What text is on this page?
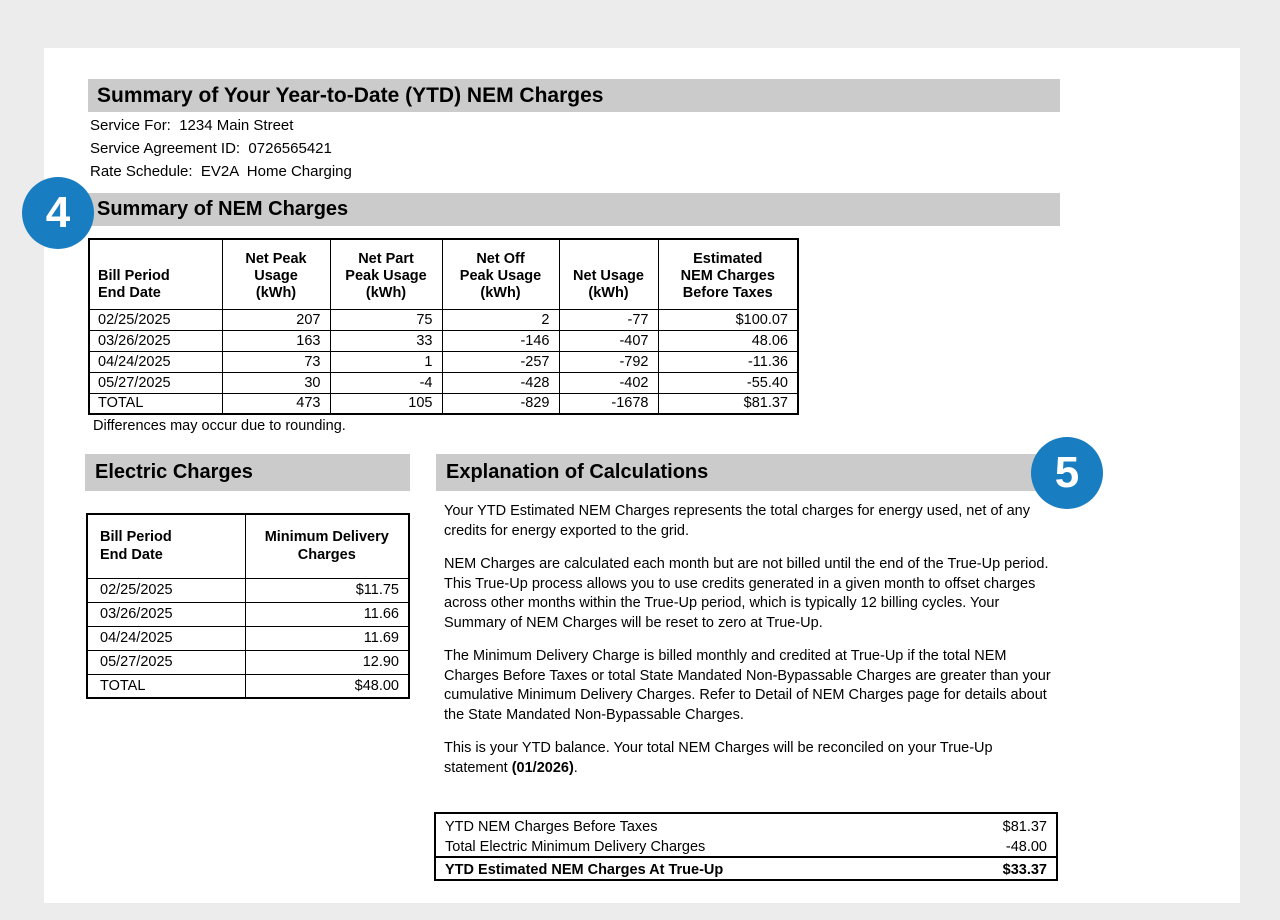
Summary of Your Year-to-Date (YTD) NEM Charges
Service For: 1234 Main Street
Service Agreement ID: 0726565421
Rate Schedule: EV2A  Home Charging
4	Summary of NEM Charges
Bill Period
End Date

Net Peak
Usage
(kWh)

Net Part
Peak Usage
(kWh)

Net Off
Peak Usage
(kWh)

Net Usage
(kWh)

Estimated
NEM Charges
Before Taxes

02/25/2025	207	75	2	-77	$100.07
03/26/2025	163	33	-146	-407	48.06
04/24/2025	73	1	-257	-792	-11.36
05/27/2025	30	-4	-428	-402	-55.40
TOTAL	473	105	-829	-1678	$81.37
Differences may occur due to rounding.
Electric Charges
Bill Period
End Date

Minimum Delivery
Charges

02/25/2025	$11.75
03/26/2025	11.66
04/24/2025	11.69
05/27/2025	12.90
TOTAL	$48.00
Explanation of Calculations	5

Your YTD Estimated NEM Charges represents the total charges for energy used, net of any credits for energy exported to the grid.

NEM Charges are calculated each month but are not billed until the end of the True-Up period. This True-Up process allows you to use credits generated in a given month to offset charges across other months within the True-Up period, which is typically 12 billing cycles. Your Summary of NEM Charges will be reset to zero at True-Up.

The Minimum Delivery Charge is billed monthly and credited at True-Up if the total NEM Charges Before Taxes or total State Mandated Non-Bypassable Charges are greater than your cumulative Minimum Delivery Charges. Refer to Detail of NEM Charges page for details about the State Mandated Non-Bypassable Charges.

This is your YTD balance. Your total NEM Charges will be reconciled on your True-Up statement (01/2026).

YTD NEM Charges Before Taxes	$81.37
Total Electric Minimum Delivery Charges	-48.00
YTD Estimated NEM Charges At True-Up	$33.37
